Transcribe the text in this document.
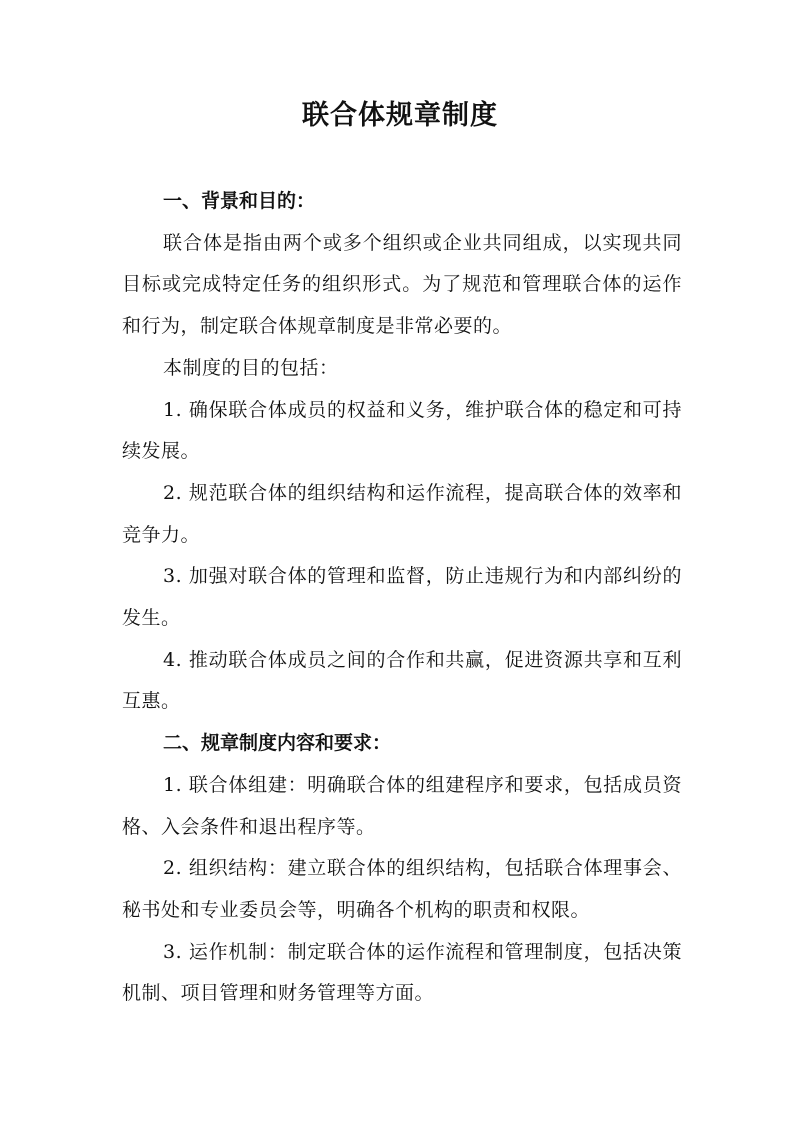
联合体规章制度

一、背景和目的：

联合体是指由两个或多个组织或企业共同组成，以实现共同目标或完成特定任务的组织形式。为了规范和管理联合体的运作和行为，制定联合体规章制度是非常必要的。

本制度的目的包括：

1. 确保联合体成员的权益和义务，维护联合体的稳定和可持续发展。

2. 规范联合体的组织结构和运作流程，提高联合体的效率和竞争力。

3. 加强对联合体的管理和监督，防止违规行为和内部纠纷的发生。

4. 推动联合体成员之间的合作和共赢，促进资源共享和互利互惠。

二、规章制度内容和要求：

1. 联合体组建：明确联合体的组建程序和要求，包括成员资格、入会条件和退出程序等。

2. 组织结构：建立联合体的组织结构，包括联合体理事会、秘书处和专业委员会等，明确各个机构的职责和权限。

3. 运作机制：制定联合体的运作流程和管理制度，包括决策机制、项目管理和财务管理等方面。
